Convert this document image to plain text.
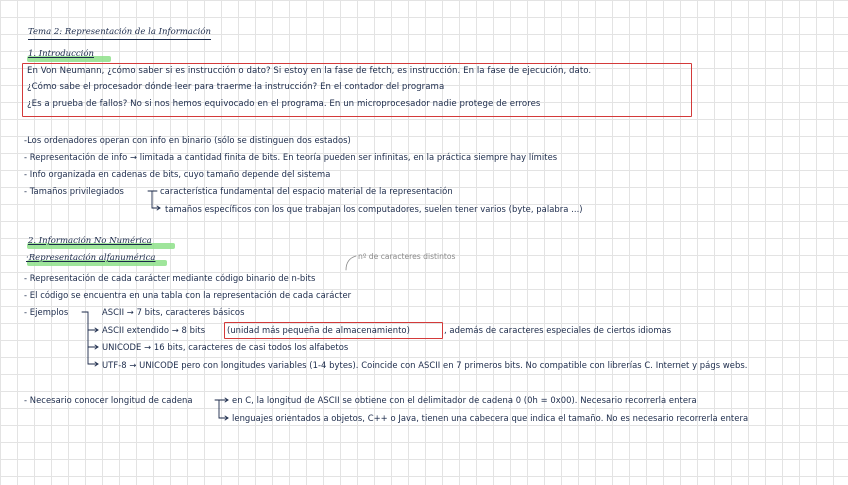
Tema 2: Representación de la Información
1. Introducción
En Von Neumann, ¿cómo saber si es instrucción o dato? Si estoy en la fase de fetch, es instrucción. En la fase de ejecución, dato.
¿Cómo sabe el procesador dónde leer para traerme la instrucción? En el contador del programa
¿Es a prueba de fallos? No si nos hemos equivocado en el programa. En un microprocesador nadie protege de errores
-Los ordenadores operan con info en binario (sólo se distinguen dos estados)
- Representación de info → limitada a cantidad finita de bits. En teoría pueden ser infinitas, en la práctica siempre hay límites
- Info organizada en cadenas de bits, cuyo tamaño depende del sistema
- Tamaños privilegiados	característica fundamental del espacio material de la representación
tamaños específicos con los que trabajan los computadores, suelen tener varios (byte, palabra ...)
2. Información No Numérica
·Representación alfanumérica	nº de caracteres distintos
- Representación de cada carácter mediante código binario de n-bits
- El código se encuentra en una tabla con la representación de cada carácter
- Ejemplos	ASCII → 7 bits, caracteres básicos
ASCII extendido → 8 bits	(unidad más pequeña de almacenamiento)	, además de caracteres especiales de ciertos idiomas
UNICODE → 16 bits, caracteres de casi todos los alfabetos
UTF-8 → UNICODE pero con longitudes variables (1-4 bytes). Coincide con ASCII en 7 primeros bits. No compatible con librerías C. Internet y págs webs.
- Necesario conocer longitud de cadena	en C, la longitud de ASCII se obtiene con el delimitador de cadena 0 (0h = 0x00). Necesario recorrerla entera
lenguajes orientados a objetos, C++ o Java, tienen una cabecera que indica el tamaño. No es necesario recorrerla entera
